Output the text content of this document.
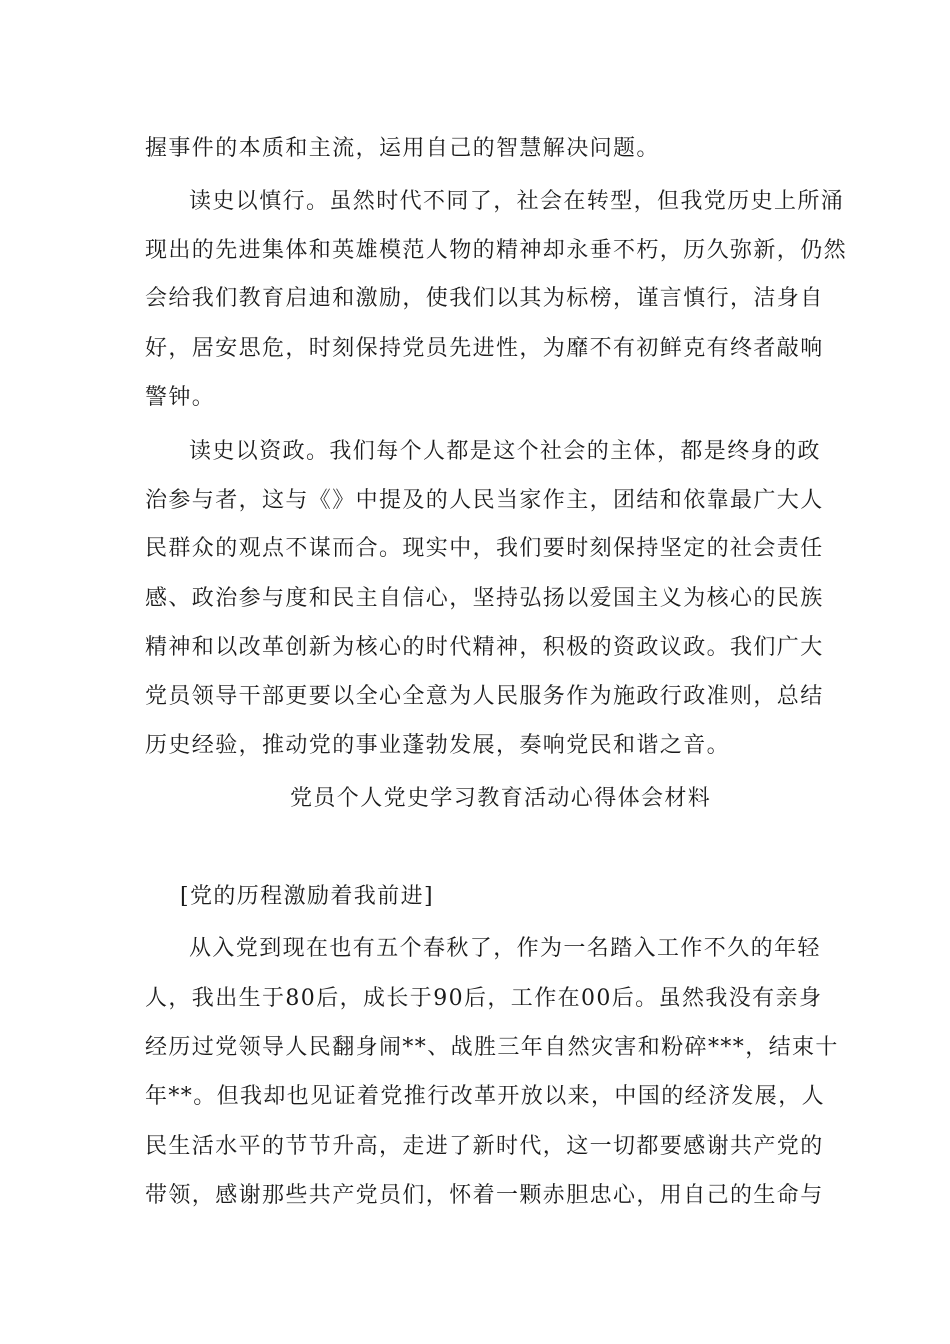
握事件的本质和主流，运用自己的智慧解决问题。
读史以慎行。虽然时代不同了，社会在转型，但我党历史上所涌
现出的先进集体和英雄模范人物的精神却永垂不朽，历久弥新，仍然
会给我们教育启迪和激励，使我们以其为标榜，谨言慎行，洁身自
好，居安思危，时刻保持党员先进性，为靡不有初鲜克有终者敲响
警钟。
读史以资政。我们每个人都是这个社会的主体，都是终身的政
治参与者，这与《》中提及的人民当家作主，团结和依靠最广大人
民群众的观点不谋而合。现实中，我们要时刻保持坚定的社会责任
感、政治参与度和民主自信心，坚持弘扬以爱国主义为核心的民族
精神和以改革创新为核心的时代精神，积极的资政议政。我们广大
党员领导干部更要以全心全意为人民服务作为施政行政准则，总结
历史经验，推动党的事业蓬勃发展，奏响党民和谐之音。
党员个人党史学习教育活动心得体会材料
[党的历程激励着我前进]
从入党到现在也有五个春秋了，作为一名踏入工作不久的年轻
人，我出生于80后，成长于90后，工作在00后。虽然我没有亲身
经历过党领导人民翻身闹**、战胜三年自然灾害和粉碎***，结束十
年**。但我却也见证着党推行改革开放以来，中国的经济发展，人
民生活水平的节节升高，走进了新时代，这一切都要感谢共产党的
带领，感谢那些共产党员们，怀着一颗赤胆忠心，用自己的生命与
